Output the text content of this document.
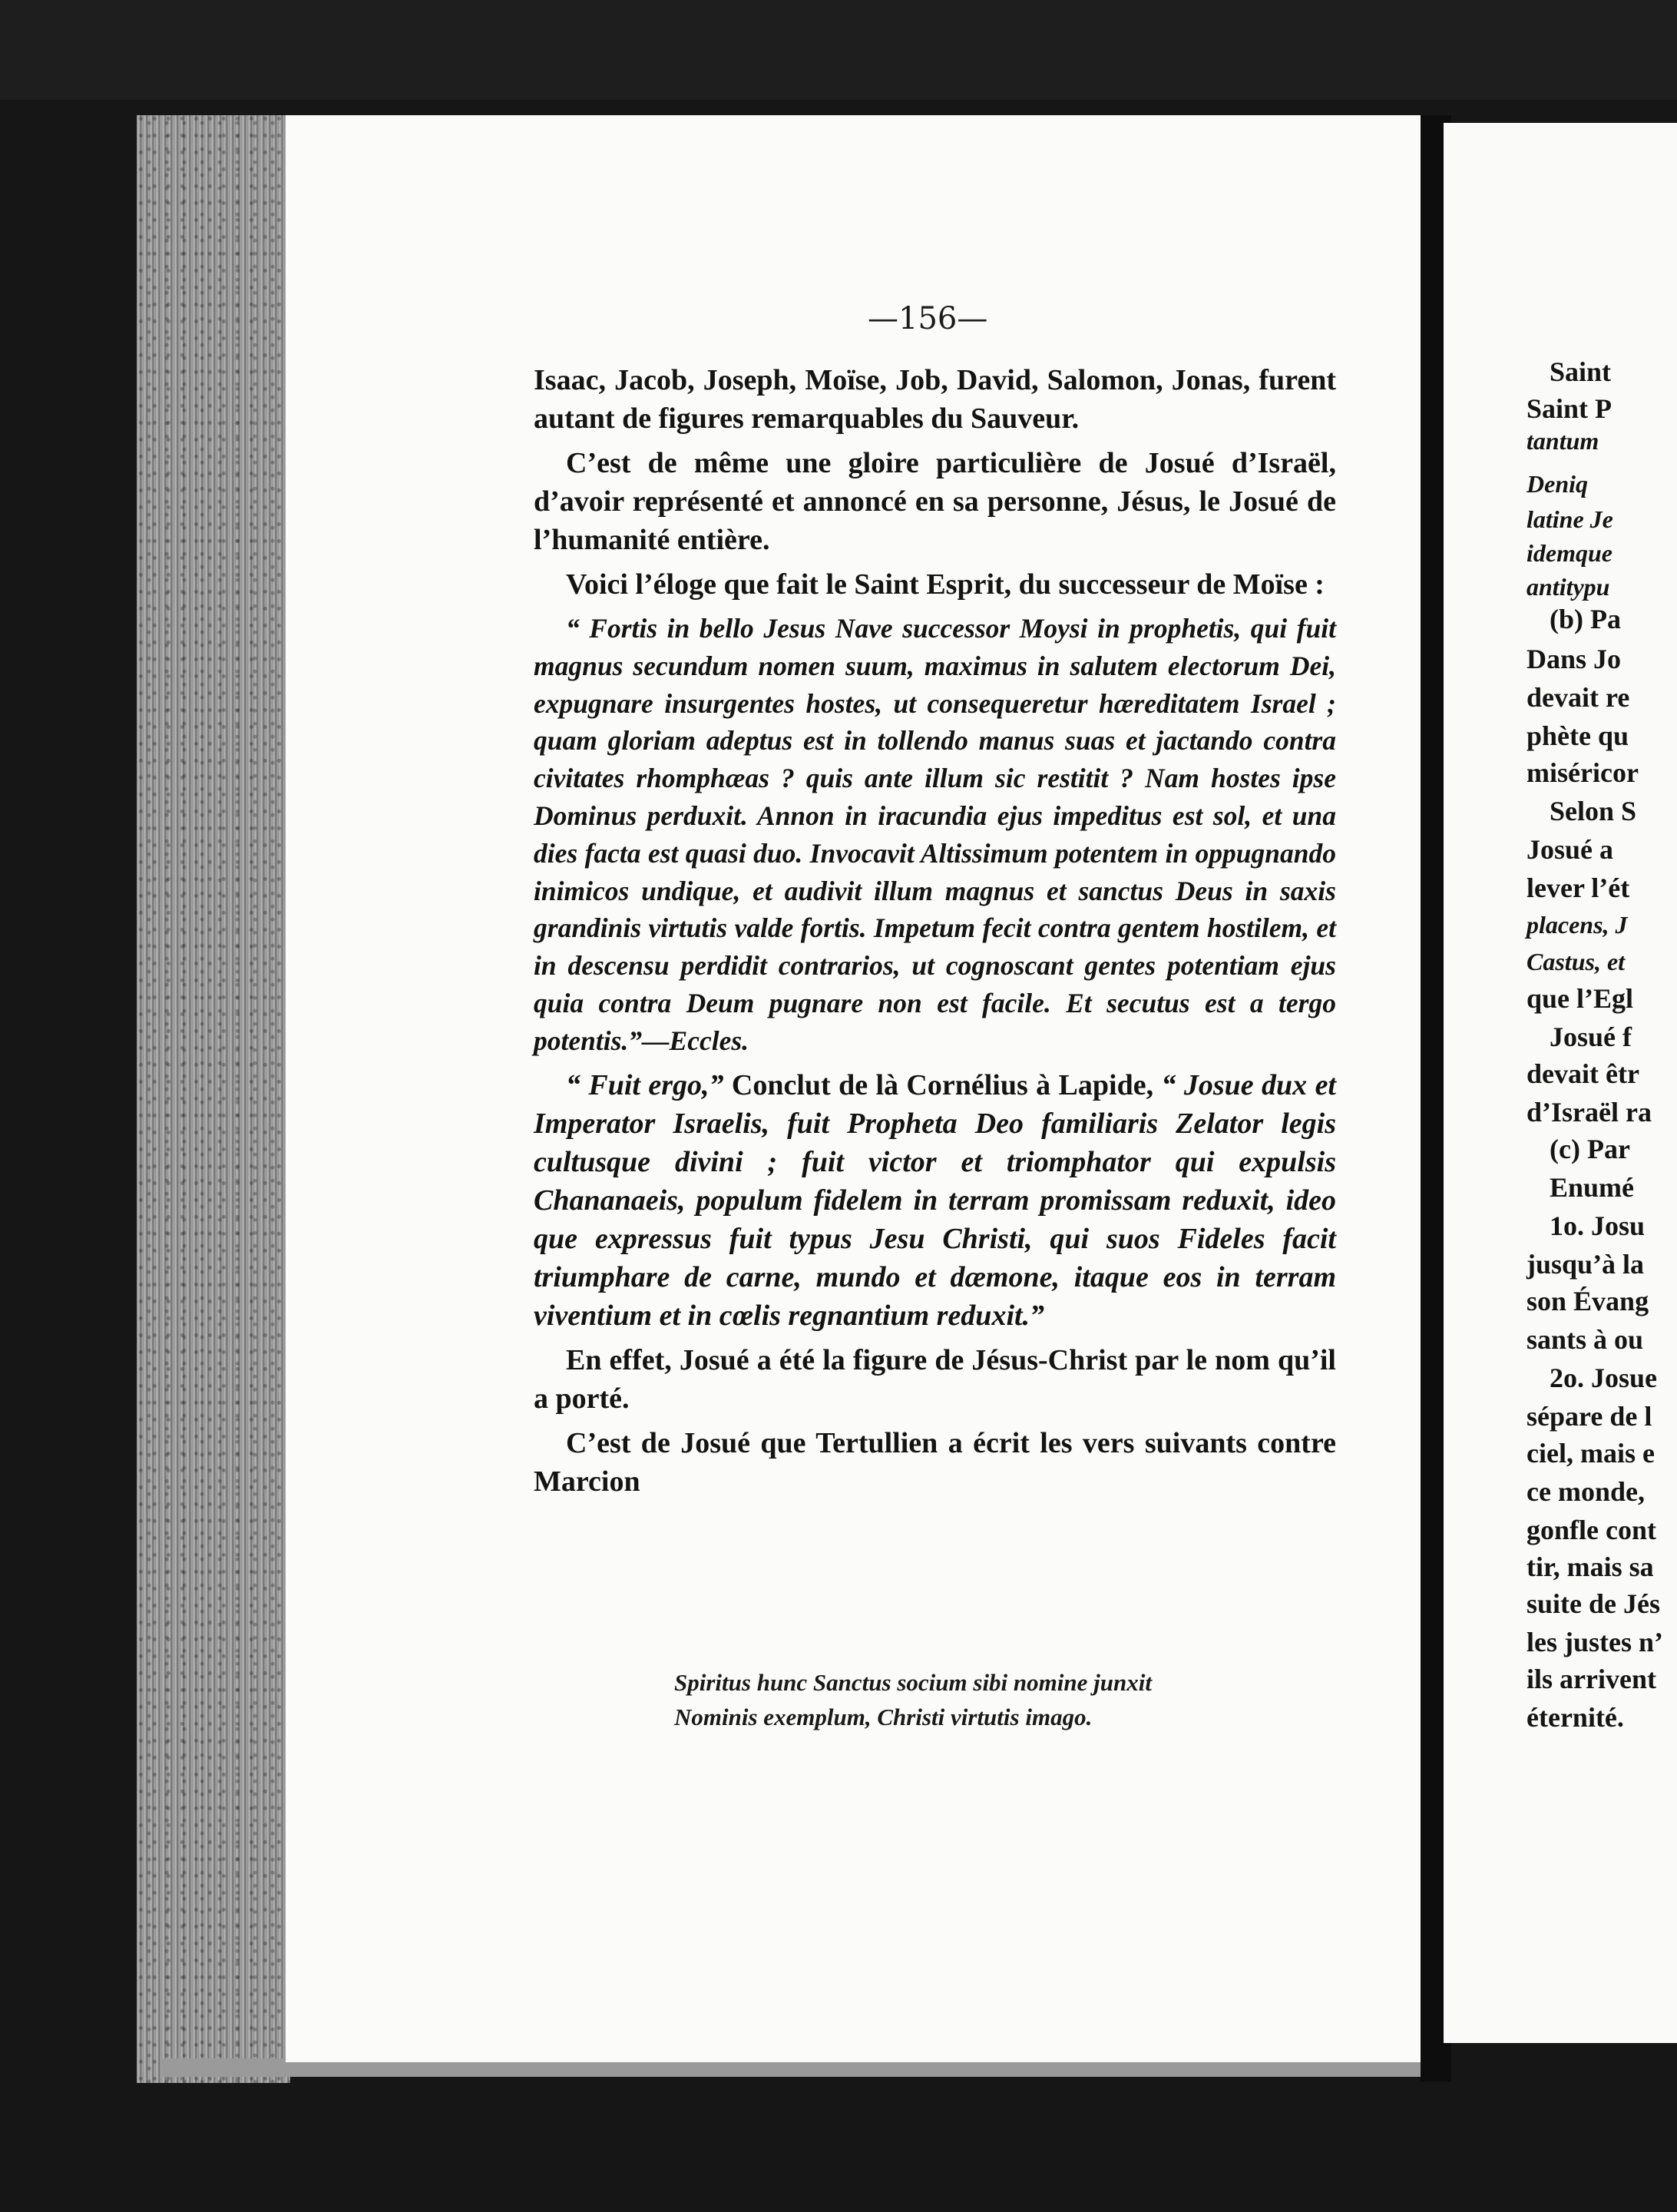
—156—

Isaac, Jacob, Joseph, Moïse, Job, David, Salomon, Jonas, furent autant de figures remarquables du Sauveur.

C’est de même une gloire particulière de Josué d’Israël, d’avoir représenté et annoncé en sa personne, Jésus, le Josué de l’humanité entière.

Voici l’éloge que fait le Saint Esprit, du successeur de Moïse :

“ Fortis in bello Jesus Nave successor Moysi in prophetis, qui fuit magnus secundum nomen suum, maximus in salutem electorum Dei, expugnare insurgentes hostes, ut consequeretur hæreditatem Israel ; quam gloriam adeptus est in tollendo manus suas et jactando contra civitates rhomphæas ? quis ante illum sic restitit ? Nam hostes ipse Dominus perduxit. Annon in iracundia ejus impeditus est sol, et una dies facta est quasi duo. Invocavit Altissimum potentem in oppugnando inimicos undique, et audivit illum magnus et sanctus Deus in saxis grandinis virtutis valde fortis. Impetum fecit contra gentem hostilem, et in descensu perdidit contrarios, ut cognoscant gentes potentiam ejus quia contra Deum pugnare non est facile. Et secutus est a tergo potentis.”—Eccles.

“ Fuit ergo,” Conclut de là Cornélius à Lapide, “ Josue dux et Imperator Israelis, fuit Propheta Deo familiaris Zelator legis cultusque divini ; fuit victor et triomphator qui expulsis Chananaeis, populum fidelem in terram promissam reduxit, ideo que expressus fuit typus Jesu Christi, qui suos Fideles facit triumphare de carne, mundo et dæmone, itaque eos in terram viventium et in cœlis regnantium reduxit.”

En effet, Josué a été la figure de Jésus-Christ par le nom qu’il a porté.

C’est de Josué que Tertullien a écrit les vers suivants contre Marcion

Spiritus hunc Sanctus socium sibi nomine junxit
Nominis exemplum, Christi virtutis imago.
Saint
Saint P
tantum
Deniq
latine Je
idemque
antitypu
(b) Pa
Dans Jo
devait re
phète qu
miséricor
Selon S
Josué a
lever l’ét
placens, J
Castus, et
que l’Egl
Josué f
devait êtr
d’Israël ra
(c) Par
Enumé
1o. Josu
jusqu’à la
son Évang
sants à ou
2o. Josue
sépare de l
ciel, mais e
ce monde,
gonfle cont
tir, mais sa
suite de Jés
les justes n’
ils arrivent
éternité.
